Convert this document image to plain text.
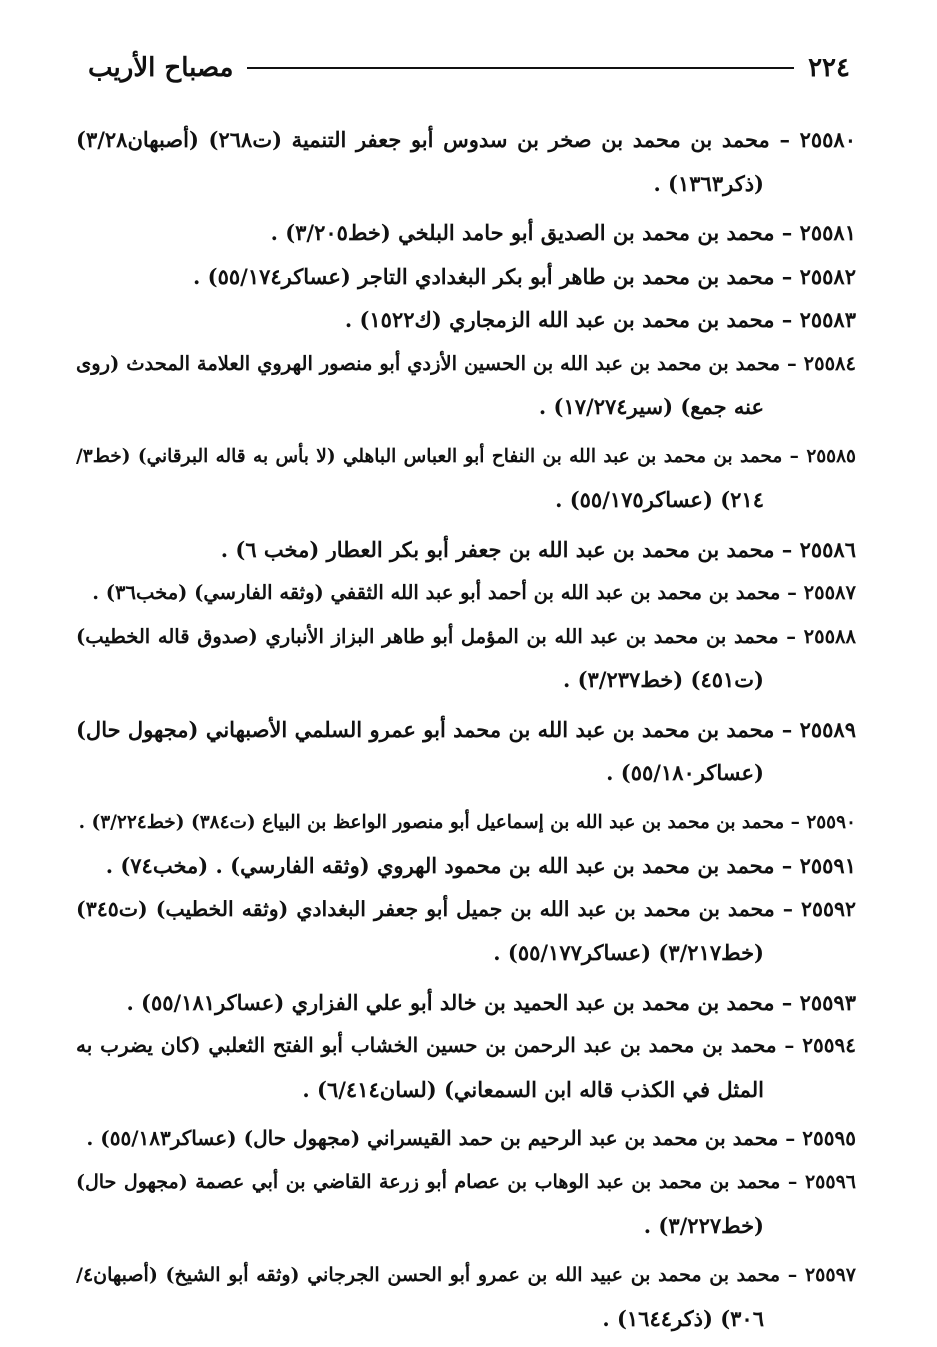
٢٢٤
مصباح الأريب
٢٥٥٨٠ – محمد بن محمد بن صخر بن سدوس أبو جعفر التنمية (ت٢٦٨) (أصبهان٣/٢٨)
(ذكر١٣٦٣) .
٢٥٥٨١ – محمد بن محمد بن الصديق أبو حامد البلخي (خط٣/٢٠٥) .
٢٥٥٨٢ – محمد بن محمد بن طاهر أبو بكر البغدادي التاجر (عساكر٥٥/١٧٤) .
٢٥٥٨٣ – محمد بن محمد بن عبد الله الزمجاري (ك١٥٢٢) .
٢٥٥٨٤ – محمد بن محمد بن عبد الله بن الحسين الأزدي أبو منصور الهروي العلامة المحدث (روى
عنه جمع) (سير١٧/٢٧٤) .
٢٥٥٨٥ – محمد بن محمد بن عبد الله بن النفاح أبو العباس الباهلي (لا بأس به قاله البرقاني) (خط٣/
٢١٤) (عساكر٥٥/١٧٥) .
٢٥٥٨٦ – محمد بن محمد بن عبد الله بن جعفر أبو بكر العطار (مخب ٦) .
٢٥٥٨٧ – محمد بن محمد بن عبد الله بن أحمد أبو عبد الله الثقفي (وثقه الفارسي) (مخب٣٦) .
٢٥٥٨٨ – محمد بن محمد بن عبد الله بن المؤمل أبو طاهر البزاز الأنباري (صدوق قاله الخطيب)
(ت٤٥١) (خط٣/٢٣٧) .
٢٥٥٨٩ – محمد بن محمد بن عبد الله بن محمد أبو عمرو السلمي الأصبهاني (مجهول حال)
(عساكر٥٥/١٨٠) .
٢٥٥٩٠ – محمد بن محمد بن عبد الله بن إسماعيل أبو منصور الواعظ بن البياع (ت٣٨٤) (خط٣/٢٢٤) .
٢٥٥٩١ – محمد بن محمد بن عبد الله بن محمود الهروي (وثقه الفارسي) . (مخب٧٤) .
٢٥٥٩٢ – محمد بن محمد بن عبد الله بن جميل أبو جعفر البغدادي (وثقه الخطيب) (ت٣٤٥)
(خط٣/٢١٧) (عساكر٥٥/١٧٧) .
٢٥٥٩٣ – محمد بن محمد بن عبد الحميد بن خالد أبو علي الفزاري (عساكر٥٥/١٨١) .
٢٥٥٩٤ – محمد بن محمد بن عبد الرحمن بن حسين الخشاب أبو الفتح الثعلبي (كان يضرب به
المثل في الكذب قاله ابن السمعاني) (لسان٦/٤١٤) .
٢٥٥٩٥ – محمد بن محمد بن عبد الرحيم بن حمد القيسراني (مجهول حال) (عساكر٥٥/١٨٣) .
٢٥٥٩٦ – محمد بن محمد بن عبد الوهاب بن عصام أبو زرعة القاضي بن أبي عصمة (مجهول حال)
(خط٣/٢٢٧) .
٢٥٥٩٧ – محمد بن محمد بن عبيد الله بن عمرو أبو الحسن الجرجاني (وثقه أبو الشيخ) (أصبهان٤/
٣٠٦) (ذكر١٦٤٤) .
